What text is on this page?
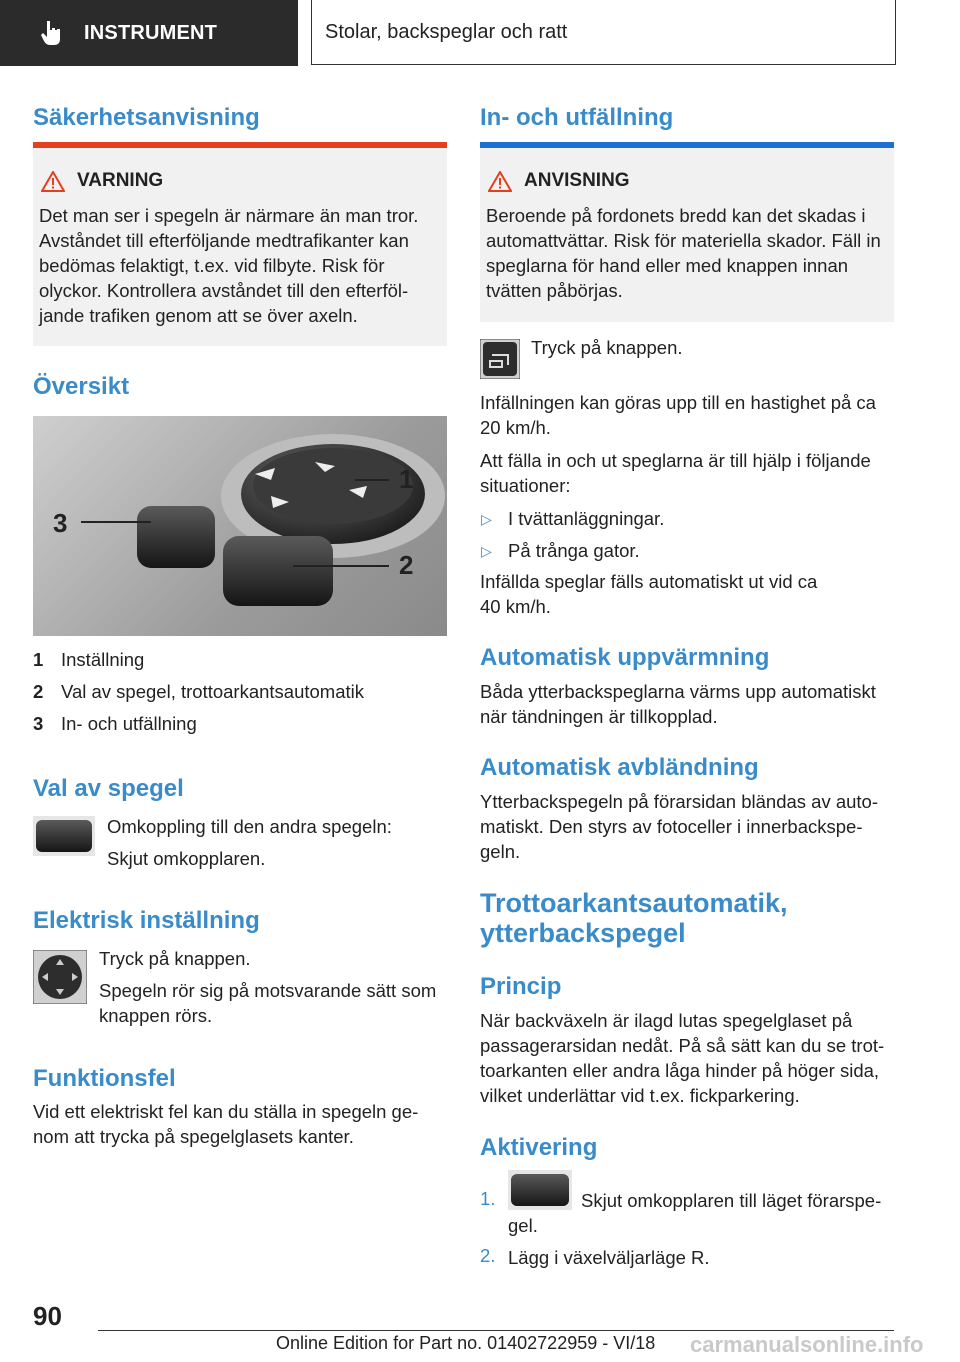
INSTRUMENT	Stolar, backspeglar och ratt
Säkerhetsanvisning
VARNING

Det man ser i spegeln är närmare än man tror.

Avståndet till efterföljande medtrafikanter kan

bedömas felaktigt, t.ex. vid filbyte. Risk för

olyckor. Kontrollera avståndet till den efterföl-

jande trafiken genom att se över axeln.

Översikt
1
2
3
1 Inställning
2 Val av spegel, trottoarkantsautomatik
3 In- och utfällning
Val av spegel

Omkoppling till den andra spegeln:

Skjut omkopplaren.

Elektrisk inställning

Tryck på knappen.

Spegeln rör sig på motsvarande sätt som

knappen rörs.

Funktionsfel

Vid ett elektriskt fel kan du ställa in spegeln ge-

nom att trycka på spegelglasets kanter.

In- och utfällning
ANVISNING

Beroende på fordonets bredd kan det skadas i

automattvättar. Risk för materiella skador. Fäll in

speglarna för hand eller med knappen innan

tvätten påbörjas.

Tryck på knappen.

Infällningen kan göras upp till en hastighet på ca

20 km/h.

Att fälla in och ut speglarna är till hjälp i följande

situationer:

▷ I tvättanläggningar.

▷ På trånga gator.

Infällda speglar fälls automatiskt ut vid ca

40 km/h.

Automatisk uppvärmning

Båda ytterbackspeglarna värms upp automatiskt

när tändningen är tillkopplad.

Automatisk avbländning

Ytterbackspegeln på förarsidan bländas av auto-

matiskt. Den styrs av fotoceller i innerbackspe-

geln.

Trottoarkantsautomatik,
ytterbackspegel
Princip

När backväxeln är ilagd lutas spegelglaset på

passagerarsidan nedåt. På så sätt kan du se trot-

toarkanten eller andra låga hinder på höger sida,

vilket underlättar vid t.ex. fickparkering.

Aktivering
1.	Skjut omkopplaren till läget förarspe-

gel.

2. Lägg i växelväljarläge R.

90
Online Edition for Part no. 01402722959 - VI/18 carmanualsonline.info
